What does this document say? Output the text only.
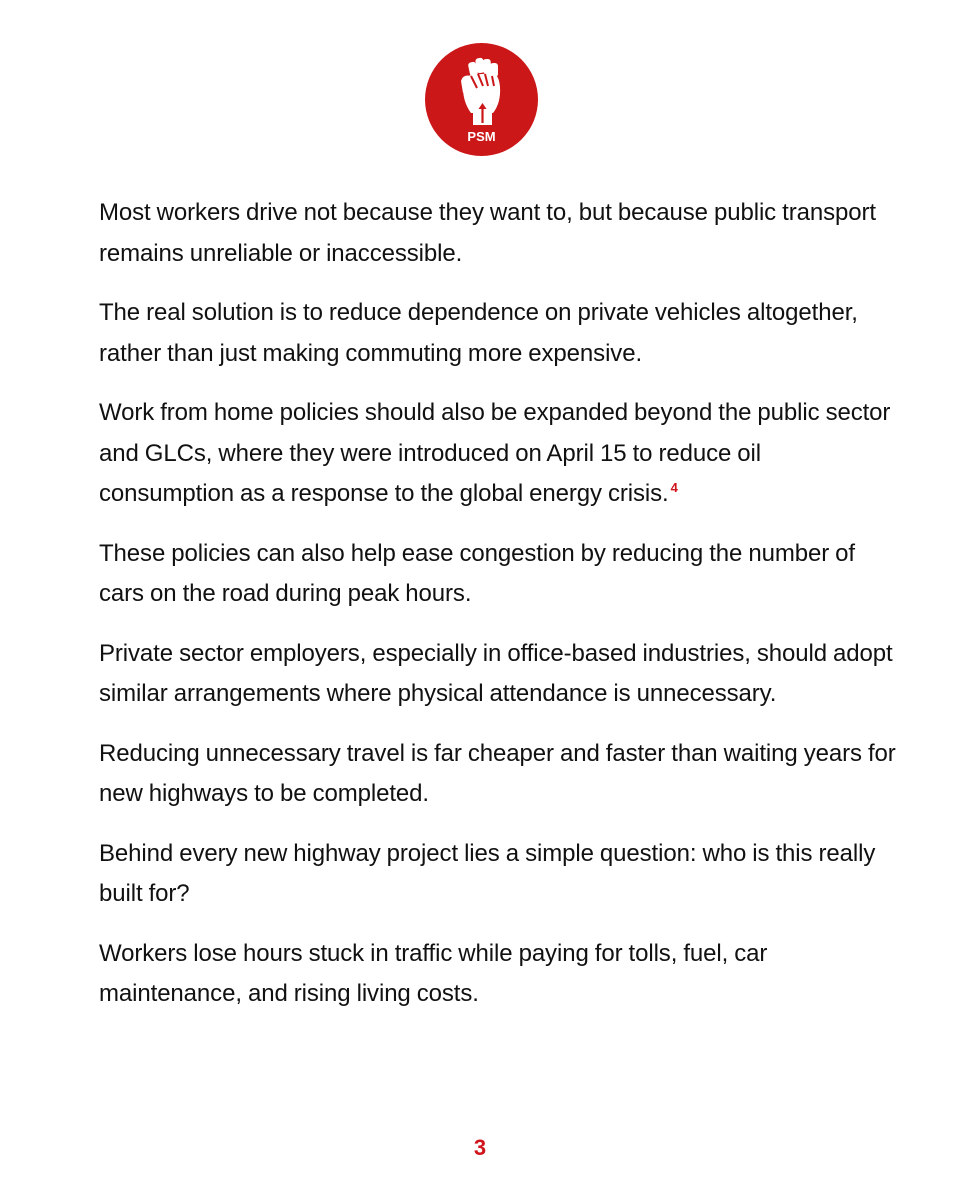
PSM

Most workers drive not because they want to, but because public transport remains unreliable or inaccessible.

The real solution is to reduce dependence on private vehicles altogether, rather than just making commuting more expensive.

Work from home policies should also be expanded beyond the public sector and GLCs, where they were introduced on April 15 to reduce oil consumption as a response to the global energy crisis. $^4$

These policies can also help ease congestion by reducing the number of cars on the road during peak hours.

Private sector employers, especially in office-based industries, should adopt similar arrangements where physical attendance is unnecessary.

Reducing unnecessary travel is far cheaper and faster than waiting years for new highways to be completed.

Behind every new highway project lies a simple question: who is this really built for?

Workers lose hours stuck in traffic while paying for tolls, fuel, car maintenance, and rising living costs.

3
